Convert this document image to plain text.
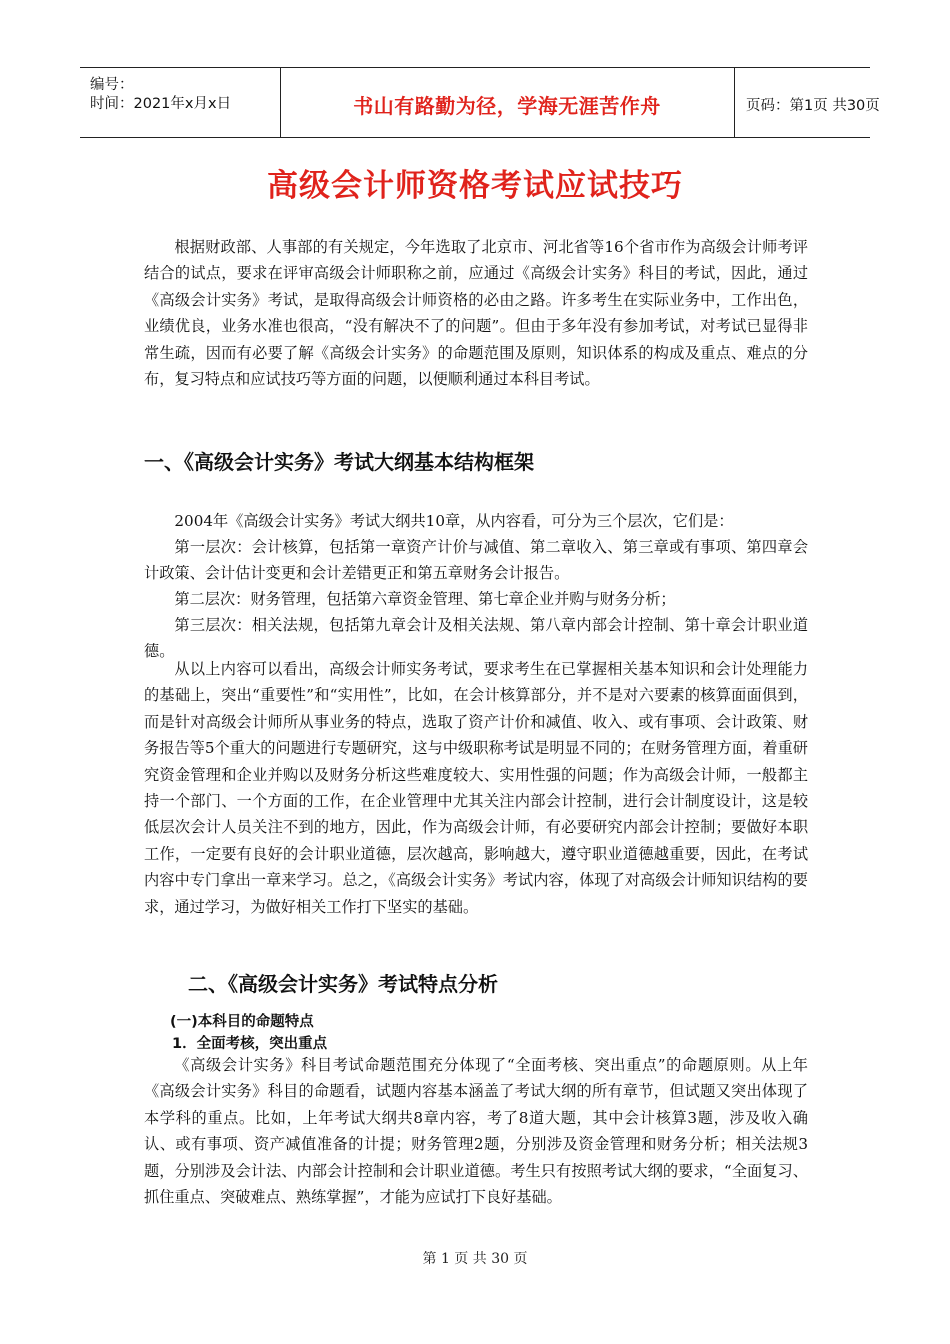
编号：
时间：2021年x月x日	书山有路勤为径，学海无涯苦作舟	页码：第1页 共30页
高级会计师资格考试应试技巧

根据财政部、人事部的有关规定，今年选取了北京市、河北省等16个省市作为高级会计师考评结合的试点，要求在评审高级会计师职称之前，应通过《高级会计实务》科目的考试，因此，通过《高级会计实务》考试，是取得高级会计师资格的必由之路。许多考生在实际业务中，工作出色，业绩优良，业务水准也很高，“没有解决不了的问题”。但由于多年没有参加考试，对考试已显得非常生疏，因而有必要了解《高级会计实务》的命题范围及原则，知识体系的构成及重点、难点的分布，复习特点和应试技巧等方面的问题，以便顺利通过本科目考试。

一、《高级会计实务》考试大纲基本结构框架

2004年《高级会计实务》考试大纲共10章，从内容看，可分为三个层次，它们是：

第一层次：会计核算，包括第一章资产计价与减值、第二章收入、第三章或有事项、第四章会计政策、会计估计变更和会计差错更正和第五章财务会计报告。

第二层次：财务管理，包括第六章资金管理、第七章企业并购与财务分析；

第三层次：相关法规，包括第九章会计及相关法规、第八章内部会计控制、第十章会计职业道德。

从以上内容可以看出，高级会计师实务考试，要求考生在已掌握相关基本知识和会计处理能力的基础上，突出“重要性”和“实用性”，比如，在会计核算部分，并不是对六要素的核算面面俱到，而是针对高级会计师所从事业务的特点，选取了资产计价和减值、收入、或有事项、会计政策、财务报告等5个重大的问题进行专题研究，这与中级职称考试是明显不同的；在财务管理方面，着重研究资金管理和企业并购以及财务分析这些难度较大、实用性强的问题；作为高级会计师，一般都主持一个部门、一个方面的工作，在企业管理中尤其关注内部会计控制，进行会计制度设计，这是较低层次会计人员关注不到的地方，因此，作为高级会计师，有必要研究内部会计控制；要做好本职工作，一定要有良好的会计职业道德，层次越高，影响越大，遵守职业道德越重要，因此，在考试内容中专门拿出一章来学习。总之，《高级会计实务》考试内容，体现了对高级会计师知识结构的要求，通过学习，为做好相关工作打下坚实的基础。

二、《高级会计实务》考试特点分析
(一)本科目的命题特点
1．全面考核，突出重点

《高级会计实务》科目考试命题范围充分体现了“全面考核、突出重点”的命题原则。从上年《高级会计实务》科目的命题看，试题内容基本涵盖了考试大纲的所有章节，但试题又突出体现了本学科的重点。比如，上年考试大纲共8章内容，考了8道大题，其中会计核算3题，涉及收入确认、或有事项、资产减值准备的计提；财务管理2题，分别涉及资金管理和财务分析；相关法规3题，分别涉及会计法、内部会计控制和会计职业道德。考生只有按照考试大纲的要求，“全面复习、抓住重点、突破难点、熟练掌握”，才能为应试打下良好基础。

第 1 页 共 30 页
